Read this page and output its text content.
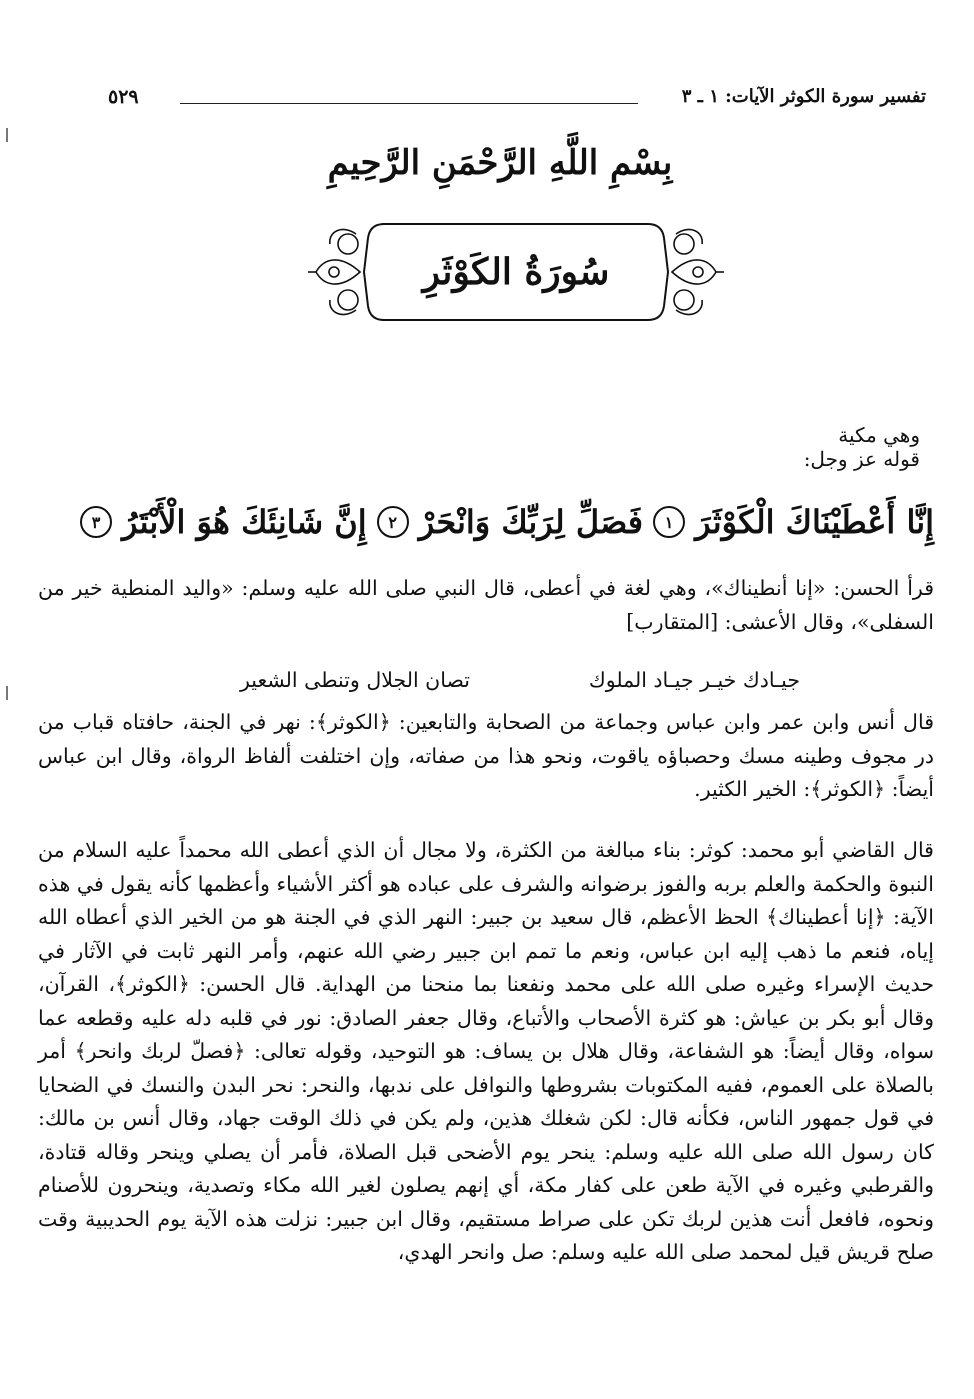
تفسير سورة الكوثر الآيات: ١ ـ ٣
٥٢٩
بِسْمِ اللَّهِ الرَّحْمَنِ الرَّحِيمِ
سُورَةُ الكَوْثَرِ
وهي مكية
قوله عز وجل:
إِنَّا أَعْطَيْنَاكَ الْكَوْثَرَ
١
فَصَلِّ لِرَبِّكَ وَانْحَرْ
٢
إِنَّ شَانِئَكَ هُوَ الْأَبْتَرُ
٣
قرأ الحسن: «إنا أنطيناك»، وهي لغة في أعطى، قال النبي صلى الله عليه وسلم: «واليد المنطية خير من السفلى»، وقال الأعشى: [المتقارب]
جيـادك خيـر جيـاد الملوك
تصان الجلال وتنطى الشعير
قال أنس وابن عمر وابن عباس وجماعة من الصحابة والتابعين: ﴿الكوثر﴾: نهر في الجنة، حافتاه قباب من در مجوف وطينه مسك وحصباؤه ياقوت، ونحو هذا من صفاته، وإن اختلفت ألفاظ الرواة، وقال ابن عباس أيضاً: ﴿الكوثر﴾: الخير الكثير.
قال القاضي أبو محمد: كوثر: بناء مبالغة من الكثرة، ولا مجال أن الذي أعطى الله محمداً عليه السلام من النبوة والحكمة والعلم بربه والفوز برضوانه والشرف على عباده هو أكثر الأشياء وأعظمها كأنه يقول في هذه الآية: ﴿إنا أعطيناك﴾ الحظ الأعظم، قال سعيد بن جبير: النهر الذي في الجنة هو من الخير الذي أعطاه الله إياه، فنعم ما ذهب إليه ابن عباس، ونعم ما تمم ابن جبير رضي الله عنهم، وأمر النهر ثابت في الآثار في حديث الإسراء وغيره صلى الله على محمد ونفعنا بما منحنا من الهداية. قال الحسن: ﴿الكوثر﴾، القرآن، وقال أبو بكر بن عياش: هو كثرة الأصحاب والأتباع، وقال جعفر الصادق: نور في قلبه دله عليه وقطعه عما سواه، وقال أيضاً: هو الشفاعة، وقال هلال بن يساف: هو التوحيد، وقوله تعالى: ﴿فصلّ لربك وانحر﴾ أمر بالصلاة على العموم، ففيه المكتوبات بشروطها والنوافل على ندبها، والنحر: نحر البدن والنسك في الضحايا في قول جمهور الناس، فكأنه قال: لكن شغلك هذين، ولم يكن في ذلك الوقت جهاد، وقال أنس بن مالك: كان رسول الله صلى الله عليه وسلم: ينحر يوم الأضحى قبل الصلاة، فأمر أن يصلي وينحر وقاله قتادة، والقرطبي وغيره في الآية طعن على كفار مكة، أي إنهم يصلون لغير الله مكاء وتصدية، وينحرون للأصنام ونحوه، فافعل أنت هذين لربك تكن على صراط مستقيم، وقال ابن جبير: نزلت هذه الآية يوم الحديبية وقت صلح قريش قيل لمحمد صلى الله عليه وسلم: صل وانحر الهدي،
